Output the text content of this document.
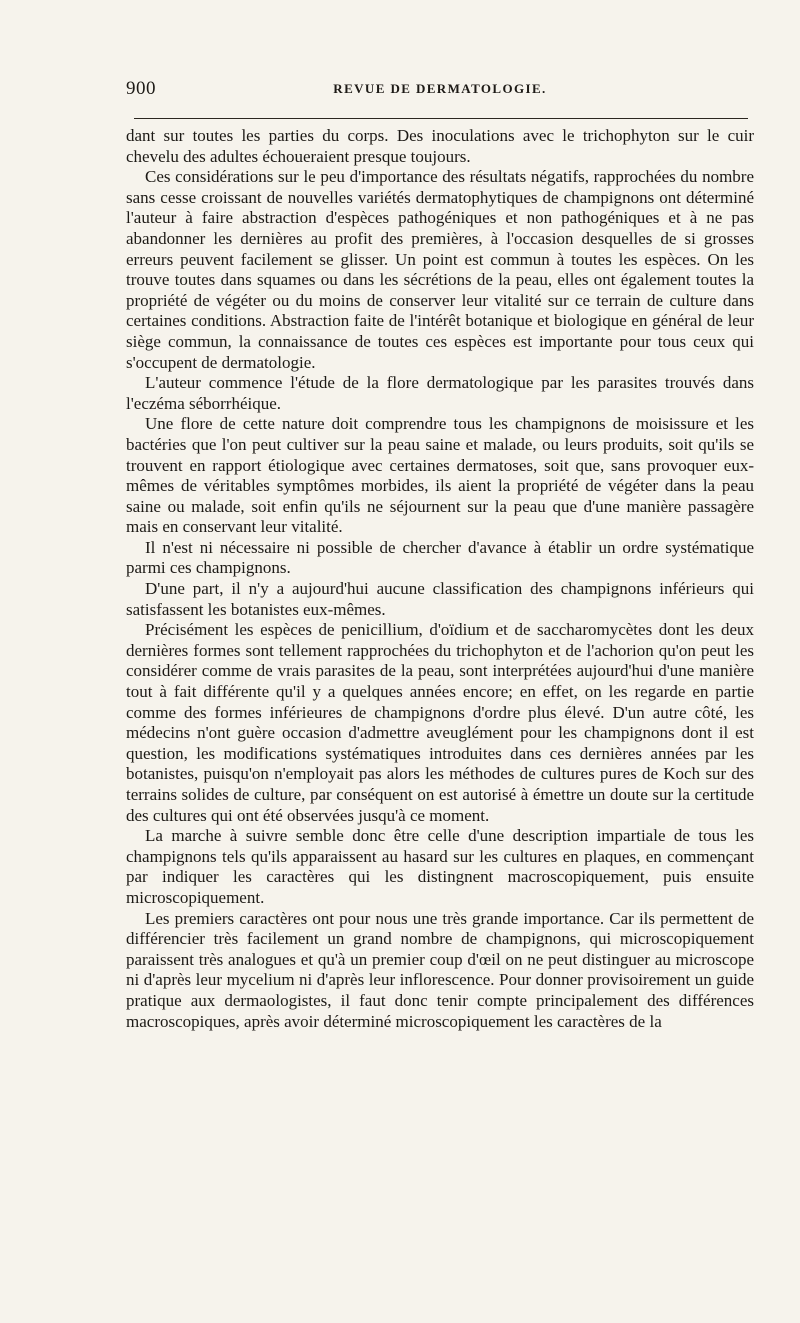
900	REVUE DE DERMATOLOGIE.

dant sur toutes les parties du corps. Des inoculations avec le trichophyton sur le cuir chevelu des adultes échoueraient presque toujours.

Ces considérations sur le peu d'importance des résultats négatifs, rapprochées du nombre sans cesse croissant de nouvelles variétés dermatophytiques de champignons ont déterminé l'auteur à faire abstraction d'espèces pathogéniques et non pathogéniques et à ne pas abandonner les dernières au profit des premières, à l'occasion desquelles de si grosses erreurs peuvent facilement se glisser. Un point est commun à toutes les espèces. On les trouve toutes dans squames ou dans les sécrétions de la peau, elles ont également toutes la propriété de végéter ou du moins de conserver leur vitalité sur ce terrain de culture dans certaines conditions. Abstraction faite de l'intérêt botanique et biologique en général de leur siège commun, la connaissance de toutes ces espèces est importante pour tous ceux qui s'occupent de dermatologie.

L'auteur commence l'étude de la flore dermatologique par les parasites trouvés dans l'eczéma séborrhéique.

Une flore de cette nature doit comprendre tous les champignons de moisissure et les bactéries que l'on peut cultiver sur la peau saine et malade, ou leurs produits, soit qu'ils se trouvent en rapport étiologique avec certaines dermatoses, soit que, sans provoquer eux-mêmes de véritables symptômes morbides, ils aient la propriété de végéter dans la peau saine ou malade, soit enfin qu'ils ne séjournent sur la peau que d'une manière passagère mais en conservant leur vitalité.

Il n'est ni nécessaire ni possible de chercher d'avance à établir un ordre systématique parmi ces champignons.

D'une part, il n'y a aujourd'hui aucune classification des champignons inférieurs qui satisfassent les botanistes eux-mêmes.

Précisément les espèces de penicillium, d'oïdium et de saccharomycètes dont les deux dernières formes sont tellement rapprochées du trichophyton et de l'achorion qu'on peut les considérer comme de vrais parasites de la peau, sont interprétées aujourd'hui d'une manière tout à fait différente qu'il y a quelques années encore; en effet, on les regarde en partie comme des formes inférieures de champignons d'ordre plus élevé. D'un autre côté, les médecins n'ont guère occasion d'admettre aveuglément pour les champignons dont il est question, les modifications systématiques introduites dans ces dernières années par les botanistes, puisqu'on n'employait pas alors les méthodes de cultures pures de Koch sur des terrains solides de culture, par conséquent on est autorisé à émettre un doute sur la certitude des cultures qui ont été observées jusqu'à ce moment.

La marche à suivre semble donc être celle d'une description impartiale de tous les champignons tels qu'ils apparaissent au hasard sur les cultures en plaques, en commençant par indiquer les caractères qui les distingnent macroscopiquement, puis ensuite microscopiquement.

Les premiers caractères ont pour nous une très grande importance. Car ils permettent de différencier très facilement un grand nombre de champignons, qui microscopiquement paraissent très analogues et qu'à un premier coup d'œil on ne peut distinguer au microscope ni d'après leur mycelium ni d'après leur inflorescence. Pour donner provisoirement un guide pratique aux dermaologistes, il faut donc tenir compte principalement des différences macroscopiques, après avoir déterminé microscopiquement les caractères de la
